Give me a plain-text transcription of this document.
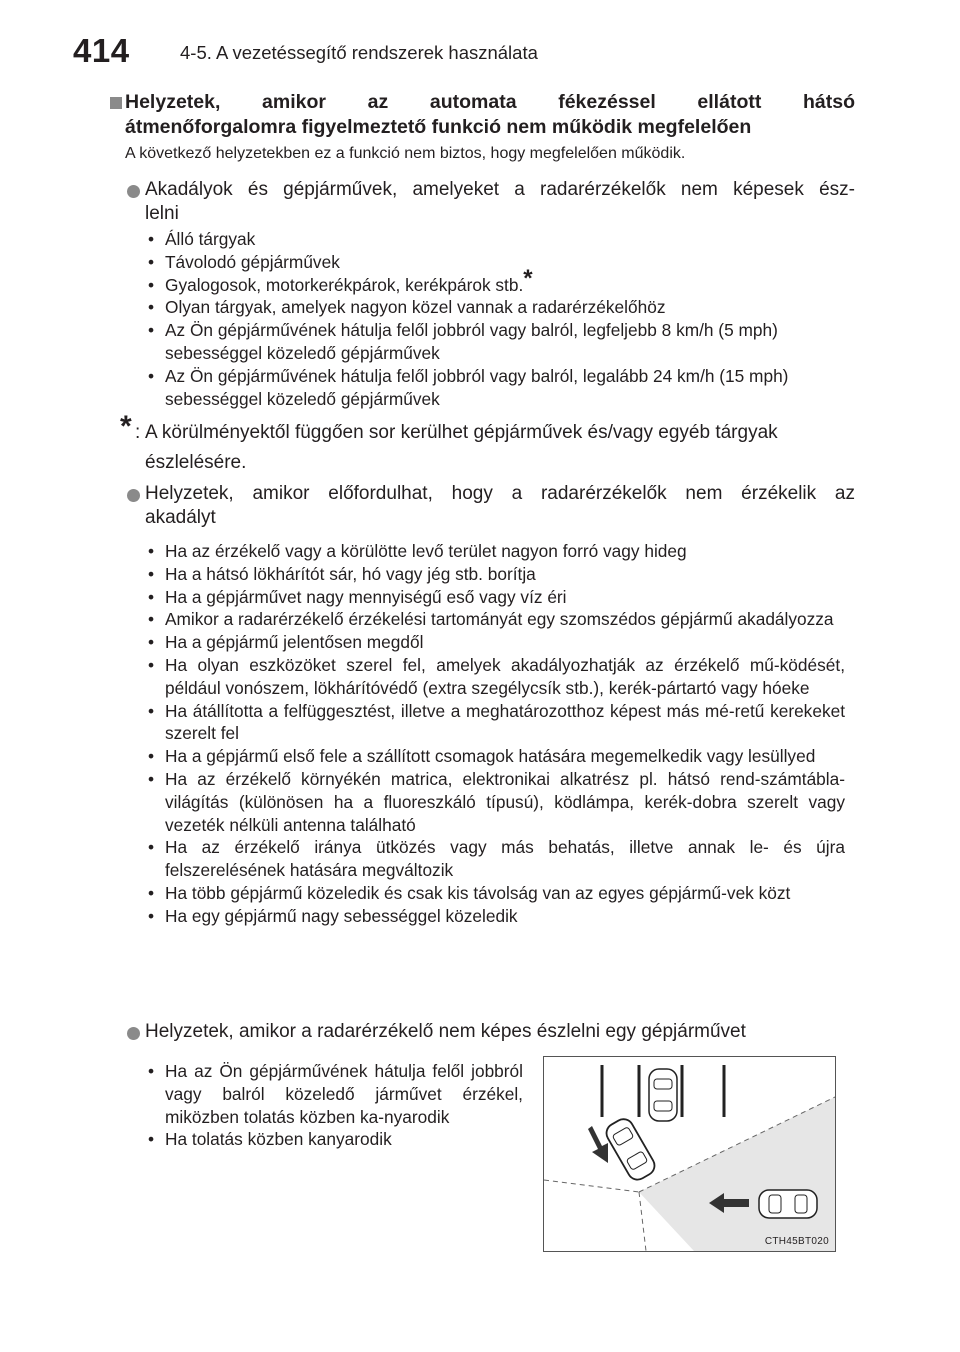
414	4-5. A vezetéssegítő rendszerek használata
Helyzetek, amikor az automata fékezéssel ellátott hátsó
átmenőforgalomra figyelmeztető funkció nem működik megfelelően
A következő helyzetekben ez a funkció nem biztos, hogy megfelelően működik.
Akadályok és gépjárművek, amelyeket a radarérzékelők nem képesek ész-
lelni
• Álló tárgyak
• Távolodó gépjárművek
• Gyalogosok, motorkerékpárok, kerékpárok stb.*
• Olyan tárgyak, amelyek nagyon közel vannak a radarérzékelőhöz
• Az Ön gépjárművének hátulja felől jobbról vagy balról, legfeljebb 8 km/h (5 mph) sebességgel közeledő gépjárművek
• Az Ön gépjárművének hátulja felől jobbról vagy balról, legalább 24 km/h (15 mph) sebességgel közeledő gépjárművek
* : A körülményektől függően sor kerülhet gépjárművek és/vagy egyéb tárgyak észlelésére.
Helyzetek, amikor előfordulhat, hogy a radarérzékelők nem érzékelik az
akadályt
• Ha az érzékelő vagy a körülötte levő terület nagyon forró vagy hideg
• Ha a hátsó lökhárítót sár, hó vagy jég stb. borítja
• Ha a gépjárművet nagy mennyiségű eső vagy víz éri
• Amikor a radarérzékelő érzékelési tartományát egy szomszédos gépjármű akadályozza
• Ha a gépjármű jelentősen megdől
• Ha olyan eszközöket szerel fel, amelyek akadályozhatják az érzékelő mű-ködését, például vonószem, lökhárítóvédő (extra szegélycsík stb.), kerék-pártartó vagy hóeke
• Ha átállította a felfüggesztést, illetve a meghatározotthoz képest más mé-retű kerekeket szerelt fel
• Ha a gépjármű első fele a szállított csomagok hatására megemelkedik vagy lesüllyed
• Ha az érzékelő környékén matrica, elektronikai alkatrész pl. hátsó rend-számtábla-világítás (különösen ha a fluoreszkáló típusú), ködlámpa, kerék-dobra szerelt vagy vezeték nélküli antenna található
• Ha az érzékelő iránya ütközés vagy más behatás, illetve annak le- és újra felszerelésének hatására megváltozik
• Ha több gépjármű közeledik és csak kis távolság van az egyes gépjármű-vek közt
• Ha egy gépjármű nagy sebességgel közeledik
Helyzetek, amikor a radarérzékelő nem képes észlelni egy gépjárművet
• Ha az Ön gépjárművének hátulja felől jobbról vagy balról közeledő járművet érzékel, miközben tolatás közben ka-nyarodik
• Ha tolatás közben kanyarodik
CTH45BT020
